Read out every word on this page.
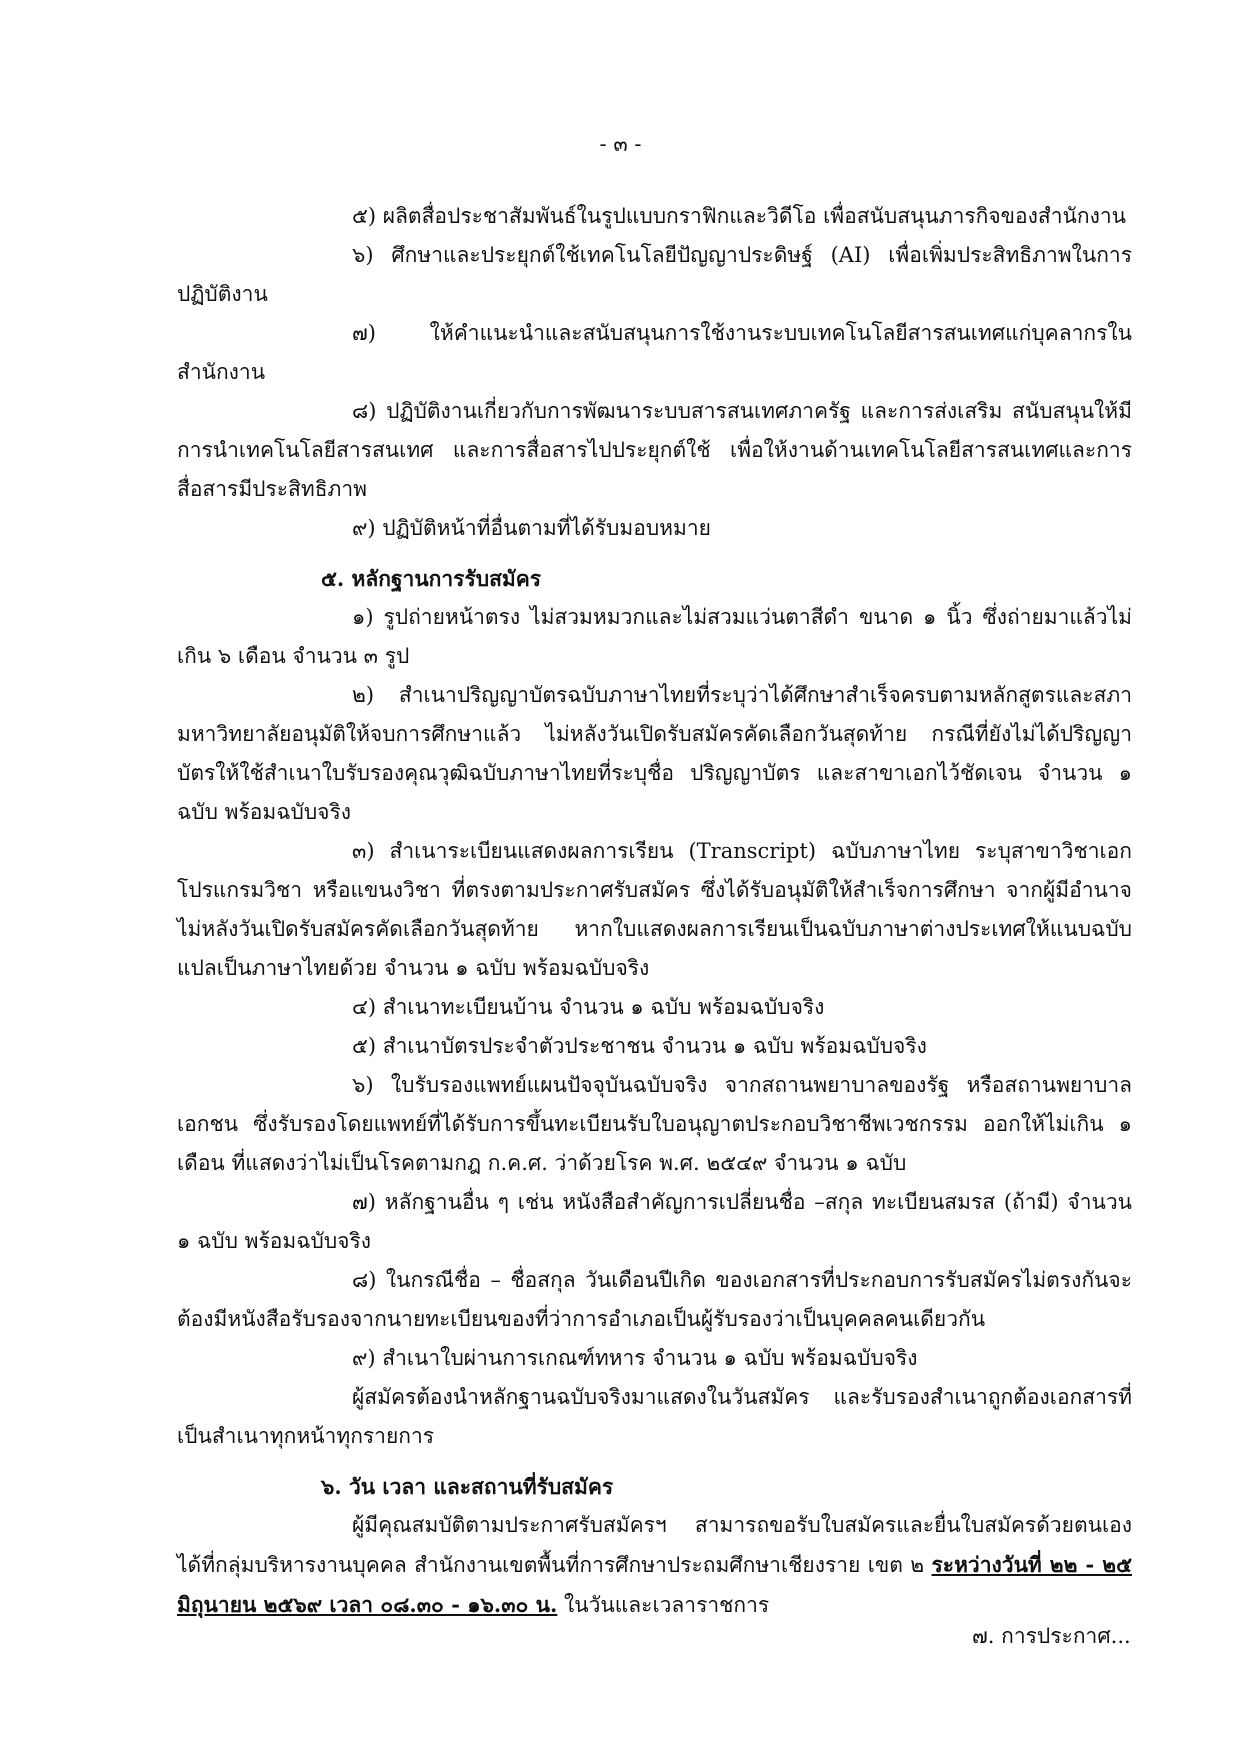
- ๓ -

๕) ผลิตสื่อประชาสัมพันธ์ในรูปแบบกราฟิกและวิดีโอ เพื่อสนับสนุนภารกิจของสำนักงาน

๖) ศึกษาและประยุกต์ใช้เทคโนโลยีปัญญาประดิษฐ์ (AI) เพื่อเพิ่มประสิทธิภาพในการปฏิบัติงาน

๗) ให้คำแนะนำและสนับสนุนการใช้งานระบบเทคโนโลยีสารสนเทศแก่บุคลากรในสำนักงาน

๘) ปฏิบัติงานเกี่ยวกับการพัฒนาระบบสารสนเทศภาครัฐ และการส่งเสริม สนับสนุนให้มีการนำเทคโนโลยีสารสนเทศ และการสื่อสารไปประยุกต์ใช้ เพื่อให้งานด้านเทคโนโลยีสารสนเทศและการสื่อสารมีประสิทธิภาพ

๙) ปฏิบัติหน้าที่อื่นตามที่ได้รับมอบหมาย

๕. หลักฐานการรับสมัคร

๑) รูปถ่ายหน้าตรง ไม่สวมหมวกและไม่สวมแว่นตาสีดำ ขนาด ๑ นิ้ว ซึ่งถ่ายมาแล้วไม่เกิน ๖ เดือน จำนวน ๓ รูป

๒) สำเนาปริญญาบัตรฉบับภาษาไทยที่ระบุว่าได้ศึกษาสำเร็จครบตามหลักสูตรและสภามหาวิทยาลัยอนุมัติให้จบการศึกษาแล้ว ไม่หลังวันเปิดรับสมัครคัดเลือกวันสุดท้าย กรณีที่ยังไม่ได้ปริญญาบัตรให้ใช้สำเนาใบรับรองคุณวุฒิฉบับภาษาไทยที่ระบุชื่อ ปริญญาบัตร และสาขาเอกไว้ชัดเจน จำนวน ๑ ฉบับ พร้อมฉบับจริง

๓) สำเนาระเบียนแสดงผลการเรียน (Transcript) ฉบับภาษาไทย ระบุสาขาวิชาเอก โปรแกรมวิชา หรือแขนงวิชา ที่ตรงตามประกาศรับสมัคร ซึ่งได้รับอนุมัติให้สำเร็จการศึกษา จากผู้มีอำนาจ ไม่หลังวันเปิดรับสมัครคัดเลือกวันสุดท้าย หากใบแสดงผลการเรียนเป็นฉบับภาษาต่างประเทศให้แนบฉบับแปลเป็นภาษาไทยด้วย จำนวน ๑ ฉบับ พร้อมฉบับจริง

๔) สำเนาทะเบียนบ้าน จำนวน ๑ ฉบับ พร้อมฉบับจริง

๕) สำเนาบัตรประจำตัวประชาชน จำนวน ๑ ฉบับ พร้อมฉบับจริง

๖) ใบรับรองแพทย์แผนปัจจุบันฉบับจริง จากสถานพยาบาลของรัฐ หรือสถานพยาบาลเอกชน ซึ่งรับรองโดยแพทย์ที่ได้รับการขึ้นทะเบียนรับใบอนุญาตประกอบวิชาชีพเวชกรรม ออกให้ไม่เกิน ๑ เดือน ที่แสดงว่าไม่เป็นโรคตามกฎ ก.ค.ศ. ว่าด้วยโรค พ.ศ. ๒๕๔๙ จำนวน ๑ ฉบับ

๗) หลักฐานอื่น ๆ เช่น หนังสือสำคัญการเปลี่ยนชื่อ –สกุล ทะเบียนสมรส (ถ้ามี) จำนวน ๑ ฉบับ พร้อมฉบับจริง

๘) ในกรณีชื่อ – ชื่อสกุล วันเดือนปีเกิด ของเอกสารที่ประกอบการรับสมัครไม่ตรงกันจะต้องมีหนังสือรับรองจากนายทะเบียนของที่ว่าการอำเภอเป็นผู้รับรองว่าเป็นบุคคลคนเดียวกัน

๙) สำเนาใบผ่านการเกณฑ์ทหาร จำนวน ๑ ฉบับ พร้อมฉบับจริง

ผู้สมัครต้องนำหลักฐานฉบับจริงมาแสดงในวันสมัคร และรับรองสำเนาถูกต้องเอกสารที่เป็นสำเนาทุกหน้าทุกรายการ

๖. วัน เวลา และสถานที่รับสมัคร

ผู้มีคุณสมบัติตามประกาศรับสมัครฯ สามารถขอรับใบสมัครและยื่นใบสมัครด้วยตนเองได้ที่กลุ่มบริหารงานบุคคล สำนักงานเขตพื้นที่การศึกษาประถมศึกษาเชียงราย เขต ๒ ระหว่างวันที่ ๒๒ - ๒๕ มิถุนายน ๒๕๖๙ เวลา ๐๘.๓๐ - ๑๖.๓๐ น. ในวันและเวลาราชการ

๗. การประกาศ...
